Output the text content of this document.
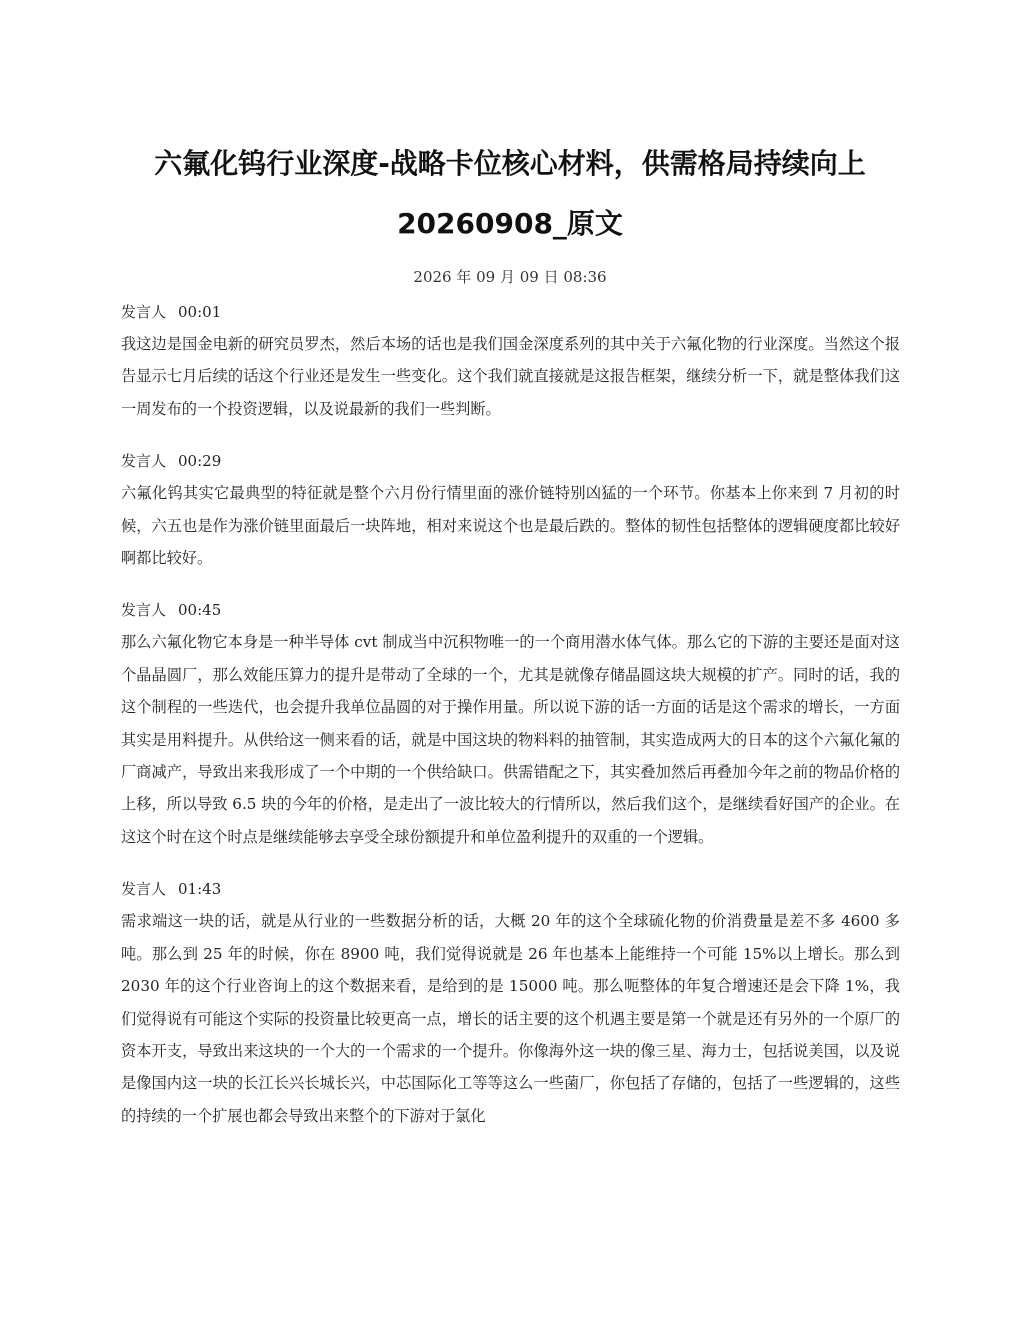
六氟化钨行业深度-战略卡位核心材料，供需格局持续向上
20260908_原文
2026 年 09 月 09 日 08:36
发言人 00:01

我这边是国金电新的研究员罗杰，然后本场的话也是我们国金深度系列的其中关于六氟化物的行业深度。当然这个报告显示七月后续的话这个行业还是发生一些变化。这个我们就直接就是这报告框架，继续分析一下，就是整体我们这一周发布的一个投资逻辑，以及说最新的我们一些判断。

发言人 00:29

六氟化钨其实它最典型的特征就是整个六月份行情里面的涨价链特别凶猛的一个环节。你基本上你来到 7 月初的时候，六五也是作为涨价链里面最后一块阵地，相对来说这个也是最后跌的。整体的韧性包括整体的逻辑硬度都比较好啊都比较好。

发言人 00:45

那么六氟化物它本身是一种半导体 cvt 制成当中沉积物唯一的一个商用潜水体气体。那么它的下游的主要还是面对这个晶晶圆厂，那么效能压算力的提升是带动了全球的一个，尤其是就像存储晶圆这块大规模的扩产。同时的话，我的这个制程的一些迭代，也会提升我单位晶圆的对于操作用量。所以说下游的话一方面的话是这个需求的增长，一方面其实是用料提升。从供给这一侧来看的话，就是中国这块的物料料的抽管制，其实造成两大的日本的这个六氟化氟的厂商减产，导致出来我形成了一个中期的一个供给缺口。供需错配之下，其实叠加然后再叠加今年之前的物品价格的上移，所以导致 6.5 块的今年的价格，是走出了一波比较大的行情所以，然后我们这个，是继续看好国产的企业。在这这个时在这个时点是继续能够去享受全球份额提升和单位盈利提升的双重的一个逻辑。

发言人 01:43

需求端这一块的话，就是从行业的一些数据分析的话，大概 20 年的这个全球硫化物的价消费量是差不多 4600 多吨。那么到 25 年的时候，你在 8900 吨，我们觉得说就是 26 年也基本上能维持一个可能 15%以上增长。那么到 2030 年的这个行业咨询上的这个数据来看，是给到的是 15000 吨。那么呃整体的年复合增速还是会下降 1%，我们觉得说有可能这个实际的投资量比较更高一点，增长的话主要的这个机遇主要是第一个就是还有另外的一个原厂的资本开支，导致出来这块的一个大的一个需求的一个提升。你像海外这一块的像三星、海力士，包括说美国，以及说是像国内这一块的长江长兴长城长兴，中芯国际化工等等这么一些菌厂，你包括了存储的，包括了一些逻辑的，这些的持续的一个扩展也都会导致出来整个的下游对于氯化
